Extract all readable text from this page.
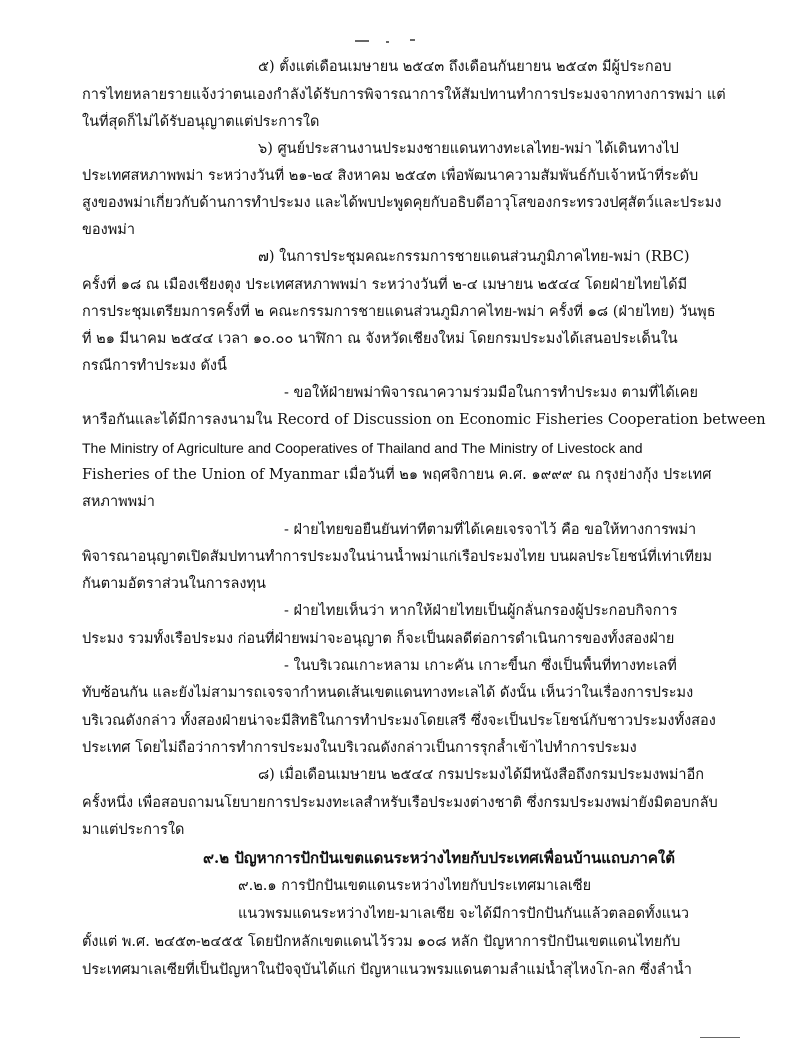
๕) ตั้งแต่เดือนเมษายน ๒๕๔๓ ถึงเดือนกันยายน ๒๕๔๓ มีผู้ประกอบ
การไทยหลายรายแจ้งว่าตนเองกำลังได้รับการพิจารณาการให้สัมปทานทำการประมงจากทางการพม่า แต่
ในที่สุดก็ไม่ได้รับอนุญาตแต่ประการใด
๖) ศูนย์ประสานงานประมงชายแดนทางทะเลไทย-พม่า ได้เดินทางไป
ประเทศสหภาพพม่า ระหว่างวันที่ ๒๑-๒๔ สิงหาคม ๒๕๔๓ เพื่อพัฒนาความสัมพันธ์กับเจ้าหน้าที่ระดับ
สูงของพม่าเกี่ยวกับด้านการทำประมง และได้พบปะพูดคุยกับอธิบดีอาวุโสของกระทรวงปศุสัตว์และประมง
ของพม่า
๗) ในการประชุมคณะกรรมการชายแดนส่วนภูมิภาคไทย-พม่า (RBC)
ครั้งที่ ๑๘ ณ เมืองเชียงตุง ประเทศสหภาพพม่า ระหว่างวันที่ ๒-๔ เมษายน ๒๕๔๔ โดยฝ่ายไทยได้มี
การประชุมเตรียมการครั้งที่ ๒ คณะกรรมการชายแดนส่วนภูมิภาคไทย-พม่า ครั้งที่ ๑๘ (ฝ่ายไทย) วันพุธ
ที่ ๒๑ มีนาคม ๒๕๔๔ เวลา ๑๐.๐๐ นาฬิกา ณ จังหวัดเชียงใหม่ โดยกรมประมงได้เสนอประเด็นใน
กรณีการทำประมง ดังนี้
- ขอให้ฝ่ายพม่าพิจารณาความร่วมมือในการทำประมง ตามที่ได้เคย
หารือกันและได้มีการลงนามใน Record of Discussion on Economic Fisheries Cooperation between
The Ministry of Agriculture and Cooperatives of Thailand and The Ministry of Livestock and
Fisheries of the Union of Myanmar เมื่อวันที่ ๒๑ พฤศจิกายน ค.ศ. ๑๙๙๙ ณ กรุงย่างกุ้ง ประเทศ
สหภาพพม่า
- ฝ่ายไทยขอยืนยันท่าทีตามที่ได้เคยเจรจาไว้ คือ ขอให้ทางการพม่า
พิจารณาอนุญาตเปิดสัมปทานทำการประมงในน่านน้ำพม่าแก่เรือประมงไทย บนผลประโยชน์ที่เท่าเทียม
กันตามอัตราส่วนในการลงทุน
- ฝ่ายไทยเห็นว่า หากให้ฝ่ายไทยเป็นผู้กลั่นกรองผู้ประกอบกิจการ
ประมง รวมทั้งเรือประมง ก่อนที่ฝ่ายพม่าจะอนุญาต ก็จะเป็นผลดีต่อการดำเนินการของทั้งสองฝ่าย
- ในบริเวณเกาะหลาม เกาะคัน เกาะขี้นก ซึ่งเป็นพื้นที่ทางทะเลที่
ทับซ้อนกัน และยังไม่สามารถเจรจากำหนดเส้นเขตแดนทางทะเลได้ ดังนั้น เห็นว่าในเรื่องการประมง
บริเวณดังกล่าว ทั้งสองฝ่ายน่าจะมีสิทธิในการทำประมงโดยเสรี ซึ่งจะเป็นประโยชน์กับชาวประมงทั้งสอง
ประเทศ โดยไม่ถือว่าการทำการประมงในบริเวณดังกล่าวเป็นการรุกล้ำเข้าไปทำการประมง
๘) เมื่อเดือนเมษายน ๒๕๔๔ กรมประมงได้มีหนังสือถึงกรมประมงพม่าอีก
ครั้งหนึ่ง เพื่อสอบถามนโยบายการประมงทะเลสำหรับเรือประมงต่างชาติ ซึ่งกรมประมงพม่ายังมิตอบกลับ
มาแต่ประการใด
๙.๒ ปัญหาการปักปันเขตแดนระหว่างไทยกับประเทศเพื่อนบ้านแถบภาคใต้
๙.๒.๑ การปักปันเขตแดนระหว่างไทยกับประเทศมาเลเซีย
แนวพรมแดนระหว่างไทย-มาเลเซีย จะได้มีการปักปันกันแล้วตลอดทั้งแนว
ตั้งแต่ พ.ศ. ๒๔๕๓-๒๔๕๕ โดยปักหลักเขตแดนไว้รวม ๑๐๘ หลัก ปัญหาการปักปันเขตแดนไทยกับ
ประเทศมาเลเซียที่เป็นปัญหาในปัจจุบันได้แก่ ปัญหาแนวพรมแดนตามลำแม่น้ำสุไหงโก-ลก ซึ่งลำน้ำ
